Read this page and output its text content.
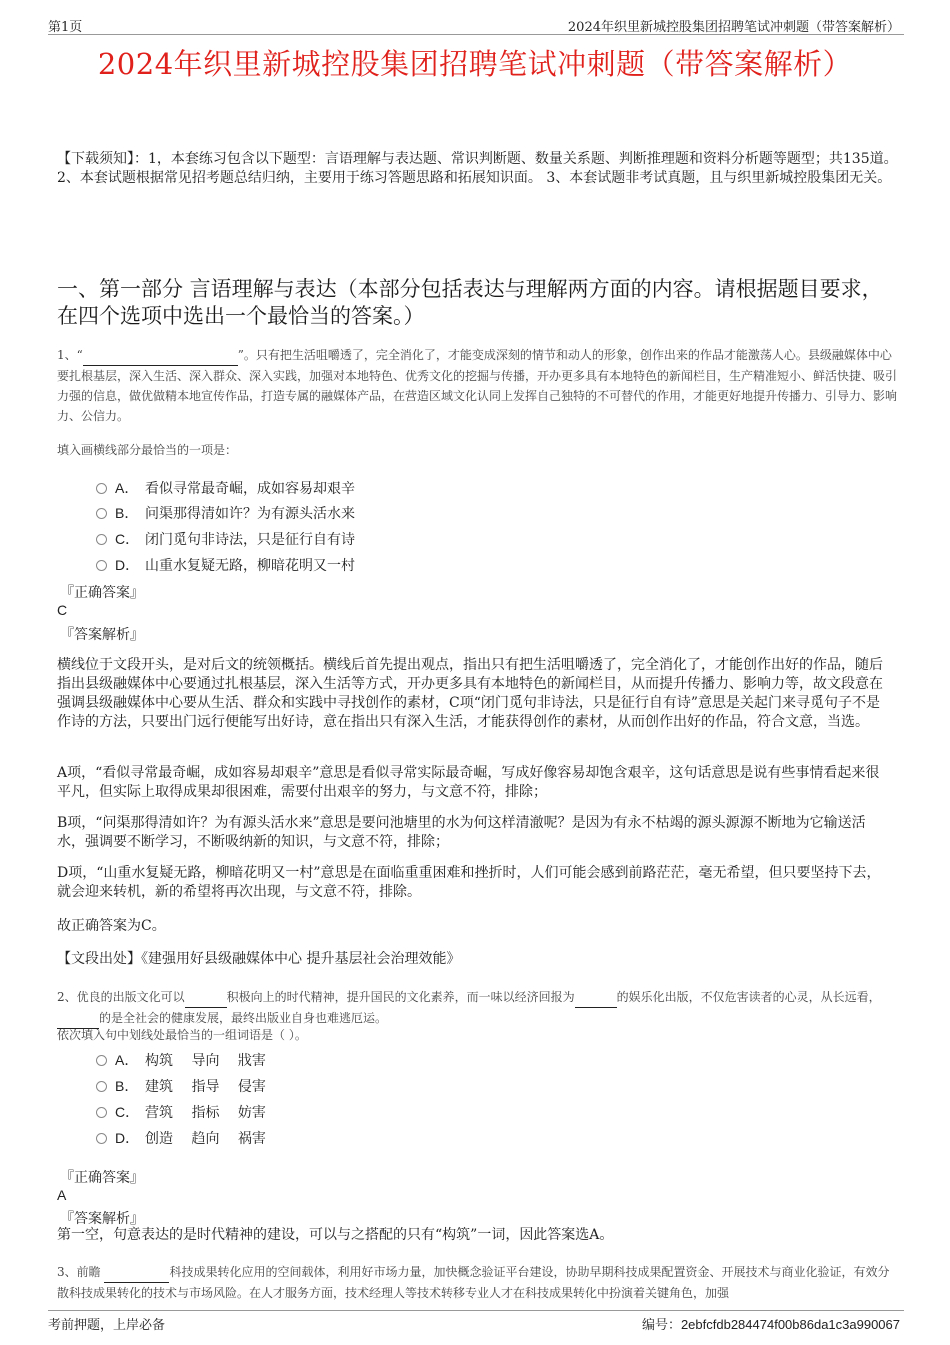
第1页	2024年织里新城控股集团招聘笔试冲刺题（带答案解析）
2024年织里新城控股集团招聘笔试冲刺题（带答案解析）
【下载须知】：1，本套练习包含以下题型：言语理解与表达题、常识判断题、数量关系题、判断推理题和资料分析题等题型；共135道。 2、本套试题根据常见招考题总结归纳，主要用于练习答题思路和拓展知识面。 3、本套试题非考试真题，且与织里新城控股集团无关。
一、第一部分 言语理解与表达（本部分包括表达与理解两方面的内容。请根据题目要求，在四个选项中选出一个最恰当的答案。）
1、“	”。只有把生活咀嚼透了，完全消化了，才能变成深刻的情节和动人的形象，创作出来的作品才能激荡人心。县级融媒体中心要扎根基层，深入生活、深入群众、深入实践，加强对本地特色、优秀文化的挖掘与传播，开办更多具有本地特色的新闻栏目，生产精准短小、鲜活快捷、吸引力强的信息，做优做精本地宣传作品，打造专属的融媒体产品，在营造区域文化认同上发挥自己独特的不可替代的作用，才能更好地提升传播力、引导力、影响力、公信力。
填入画横线部分最恰当的一项是：
A． 看似寻常最奇崛，成如容易却艰辛
B． 问渠那得清如许？为有源头活水来
C． 闭门觅句非诗法，只是征行自有诗
D． 山重水复疑无路，柳暗花明又一村
『正确答案』
C
『答案解析』
横线位于文段开头，是对后文的统领概括。横线后首先提出观点，指出只有把生活咀嚼透了，完全消化了，才能创作出好的作品，随后指出县级融媒体中心要通过扎根基层，深入生活等方式，开办更多具有本地特色的新闻栏目，从而提升传播力、影响力等，故文段意在强调县级融媒体中心要从生活、群众和实践中寻找创作的素材，C项“闭门觅句非诗法，只是征行自有诗”意思是关起门来寻觅句子不是作诗的方法，只要出门远行便能写出好诗，意在指出只有深入生活，才能获得创作的素材，从而创作出好的作品，符合文意，当选。
A项，“看似寻常最奇崛，成如容易却艰辛”意思是看似寻常实际最奇崛，写成好像容易却饱含艰辛，这句话意思是说有些事情看起来很平凡，但实际上取得成果却很困难，需要付出艰辛的努力，与文意不符，排除；
B项，“问渠那得清如许？为有源头活水来”意思是要问池塘里的水为何这样清澈呢？是因为有永不枯竭的源头源源不断地为它输送活水，强调要不断学习，不断吸纳新的知识，与文意不符，排除；
D项，“山重水复疑无路，柳暗花明又一村”意思是在面临重重困难和挫折时，人们可能会感到前路茫茫，毫无希望，但只要坚持下去，就会迎来转机，新的希望将再次出现，与文意不符，排除。
故正确答案为C。
【文段出处】《建强用好县级融媒体中心 提升基层社会治理效能》
2、优良的出版文化可以	积极向上的时代精神，提升国民的文化素养，而一味以经济回报为	的娱乐化出版，不仅危害读者的心灵，从长远看， 的是全社会的健康发展，最终出版业自身也难逃厄运。
依次填入句中划线处最恰当的一组词语是（ ）。
A． 构筑　 导向　 戕害
B． 建筑　 指导　 侵害
C． 营筑　 指标　 妨害
D． 创造　 趋向　 祸害
『正确答案』
A
『答案解析』
第一空，句意表达的是时代精神的建设，可以与之搭配的只有“构筑”一词，因此答案选A。
3、前瞻	科技成果转化应用的空间载体，利用好市场力量，加快概念验证平台建设，协助早期科技成果配置资金、开展技术与商业化验证，有效分散科技成果转化的技术与市场风险。在人才服务方面，技术经理人等技术转移专业人才在科技成果转化中扮演着关键角色，加强
考前押题，上岸必备	编号：2ebfcfdb284474f00b86da1c3a990067
